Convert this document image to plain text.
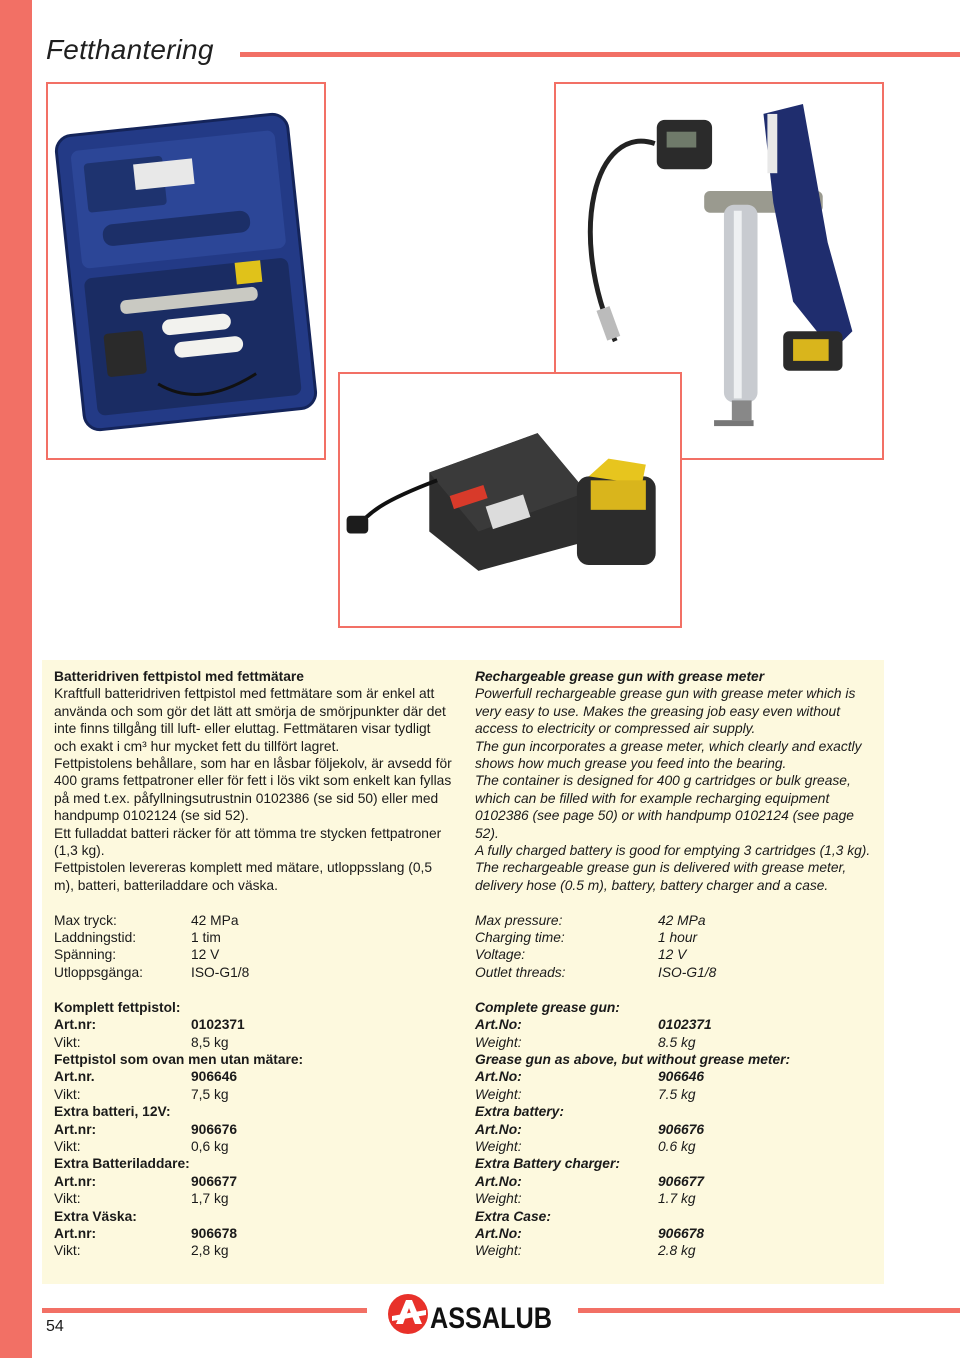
Fetthantering
Batteridriven fettpistol med fettmätare

Kraftfull batteridriven fettpistol med fettmätare som är enkel att använda och som gör det lätt att smörja de smörjpunkter där det inte finns tillgång till luft- eller eluttag. Fettmätaren visar tydligt och exakt i cm³ hur mycket fett du tillfört lagret.
Fettpistolens behållare, som har en låsbar följekolv, är avsedd för 400 grams fettpatroner eller för fett i lös vikt som enkelt kan fyllas på med t.ex. påfyllningsutrustnin 0102386 (se sid 50) eller med handpump 0102124 (se sid 52).
Ett fulladdat batteri räcker för att tömma tre stycken fettpatroner (1,3 kg).
Fettpistolen levereras komplett med mätare, utloppsslang (0,5 m), batteri, batteriladdare och väska.

Max tryck:	42 MPa
Laddningstid:	1 tim
Spänning:	12 V
Utloppsgänga:	ISO-G1/8
Komplett fettpistol:
Art.nr:	0102371
Vikt:	8,5 kg
Fettpistol som ovan men utan mätare:
Art.nr.	906646
Vikt:	7,5 kg
Extra batteri, 12V:
Art.nr:	906676
Vikt:	0,6 kg
Extra Batteriladdare:
Art.nr:	906677
Vikt:	1,7 kg
Extra Väska:
Art.nr:	906678
Vikt:	2,8 kg
Rechargeable grease gun with grease meter

Powerfull rechargeable grease gun with grease meter which is very easy to use. Makes the greasing job easy even without access to electricity or compressed air supply.
The gun incorporates a grease meter, which clearly and exactly shows how much grease you feed into the bearing.
The container is designed for 400 g cartridges or bulk grease, which can be filled with for example recharging equipment 0102386 (see page 50) or with handpump 0102124 (see page 52).
A fully charged battery is good for emptying 3 cartridges (1,3 kg).
The rechargeable grease gun is delivered with grease meter, delivery hose (0.5 m), battery, battery charger and a case.

Max pressure:	42 MPa
Charging time:	1 hour
Voltage:	12 V
Outlet threads:	ISO-G1/8
Complete grease gun:
Art.No:	0102371
Weight:	8.5 kg
Grease gun as above, but without grease meter:
Art.No:	906646
Weight:	7.5 kg
Extra battery:
Art.No:	906676
Weight:	0.6 kg
Extra Battery charger:
Art.No:	906677
Weight:	1.7 kg
Extra Case:
Art.No:	906678
Weight:	2.8 kg
54	ASSALUB
